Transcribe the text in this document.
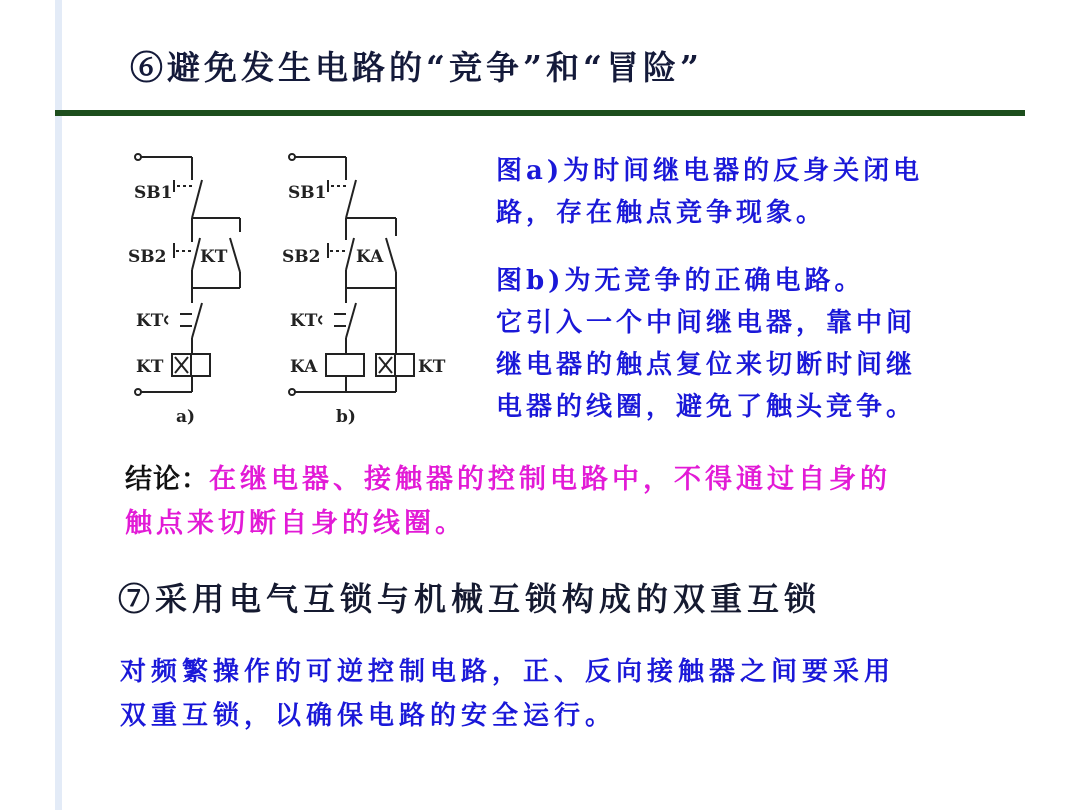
⑥避免发生电路的“竞争”和“冒险”
SB1
SB2 KT
KT
KT
a)
SB1
SB2 KA
KT
KA	KT
b)
图a)为时间继电器的反身关闭电
路，存在触点竞争现象。
图b)为无竞争的正确电路。
它引入一个中间继电器，靠中间
继电器的触点复位来切断时间继
电器的线圈，避免了触头竞争。
结论：在继电器、接触器的控制电路中，不得通过自身的
触点来切断自身的线圈。
⑦采用电气互锁与机械互锁构成的双重互锁
对频繁操作的可逆控制电路，正、反向接触器之间要采用
双重互锁，以确保电路的安全运行。
